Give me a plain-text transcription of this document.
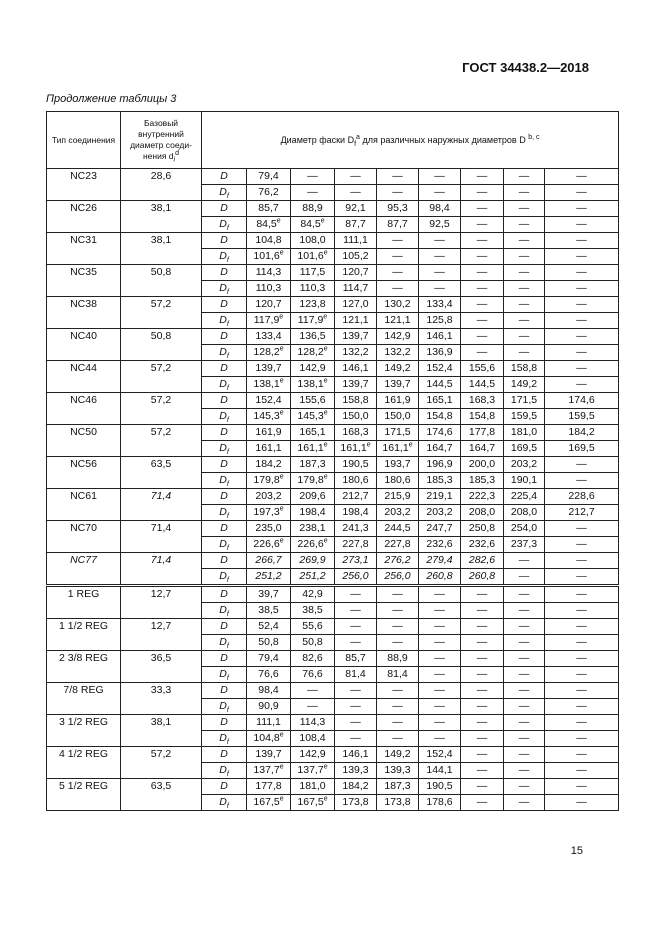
ГОСТ 34438.2—2018
Продолжение таблицы 3
Тип соединения	Базовый внутренний диаметр соеди-нения $d_i^d$	Диаметр фаски $D_f^a$ для различных наружных диаметров D $^{b, c}$
NC23	28,6	D	79,4	—	—	—	—	—	—	—
		$D_f$	76,2	—	—	—	—	—	—	—
NC26	38,1	D	85,7	88,9	92,1	95,3	98,4	—	—	—
		$D_f$	84,5e	84,5e	87,7	87,7	92,5	—	—	—
NC31	38,1	D	104,8	108,0	111,1	—	—	—	—	—
		$D_f$	101,6e	101,6e	105,2	—	—	—	—	—
NC35	50,8	D	114,3	117,5	120,7	—	—	—	—	—
		$D_f$	110,3	110,3	114,7	—	—	—	—	—
NC38	57,2	D	120,7	123,8	127,0	130,2	133,4	—	—	—
		$D_f$	117,9e	117,9e	121,1	121,1	125,8	—	—	—
NC40	50,8	D	133,4	136,5	139,7	142,9	146,1	—	—	—
		$D_f$	128,2e	128,2e	132,2	132,2	136,9	—	—	—
NC44	57,2	D	139,7	142,9	146,1	149,2	152,4	155,6	158,8	—
		$D_f$	138,1e	138,1e	139,7	139,7	144,5	144,5	149,2	—
NC46	57,2	D	152,4	155,6	158,8	161,9	165,1	168,3	171,5	174,6
		$D_f$	145,3e	145,3e	150,0	150,0	154,8	154,8	159,5	159,5
NC50	57,2	D	161,9	165,1	168,3	171,5	174,6	177,8	181,0	184,2
		$D_f$	161,1	161,1e	161,1e	161,1e	164,7	164,7	169,5	169,5
NC56	63,5	D	184,2	187,3	190,5	193,7	196,9	200,0	203,2	—
		$D_f$	179,8e	179,8e	180,6	180,6	185,3	185,3	190,1	—
NC61	71,4	D	203,2	209,6	212,7	215,9	219,1	222,3	225,4	228,6
		$D_f$	197,3e	198,4	198,4	203,2	203,2	208,0	208,0	212,7
NC70	71,4	D	235,0	238,1	241,3	244,5	247,7	250,8	254,0	—
		$D_f$	226,6e	226,6e	227,8	227,8	232,6	232,6	237,3	—
NC77	71,4	D	266,7	269,9	273,1	276,2	279,4	282,6	—	—
		$D_f$	251,2	251,2	256,0	256,0	260,8	260,8	—	—
1 REG	12,7	D	39,7	42,9	—	—	—	—	—	—
		$D_f$	38,5	38,5	—	—	—	—	—	—
1 1/2 REG	12,7	D	52,4	55,6	—	—	—	—	—	—
		$D_f$	50,8	50,8	—	—	—	—	—	—
2 3/8 REG	36,5	D	79,4	82,6	85,7	88,9	—	—	—	—
		$D_f$	76,6	76,6	81,4	81,4	—	—	—	—
7/8 REG	33,3	D	98,4	—	—	—	—	—	—	—
		$D_f$	90,9	—	—	—	—	—	—	—
3 1/2 REG	38,1	D	111,1	114,3	—	—	—	—	—	—
		$D_f$	104,8e	108,4	—	—	—	—	—	—
4 1/2 REG	57,2	D	139,7	142,9	146,1	149,2	152,4	—	—	—
		$D_f$	137,7e	137,7e	139,3	139,3	144,1	—	—	—
5 1/2 REG	63,5	D	177,8	181,0	184,2	187,3	190,5	—	—	—
		$D_f$	167,5e	167,5e	173,8	173,8	178,6	—	—	—
15
